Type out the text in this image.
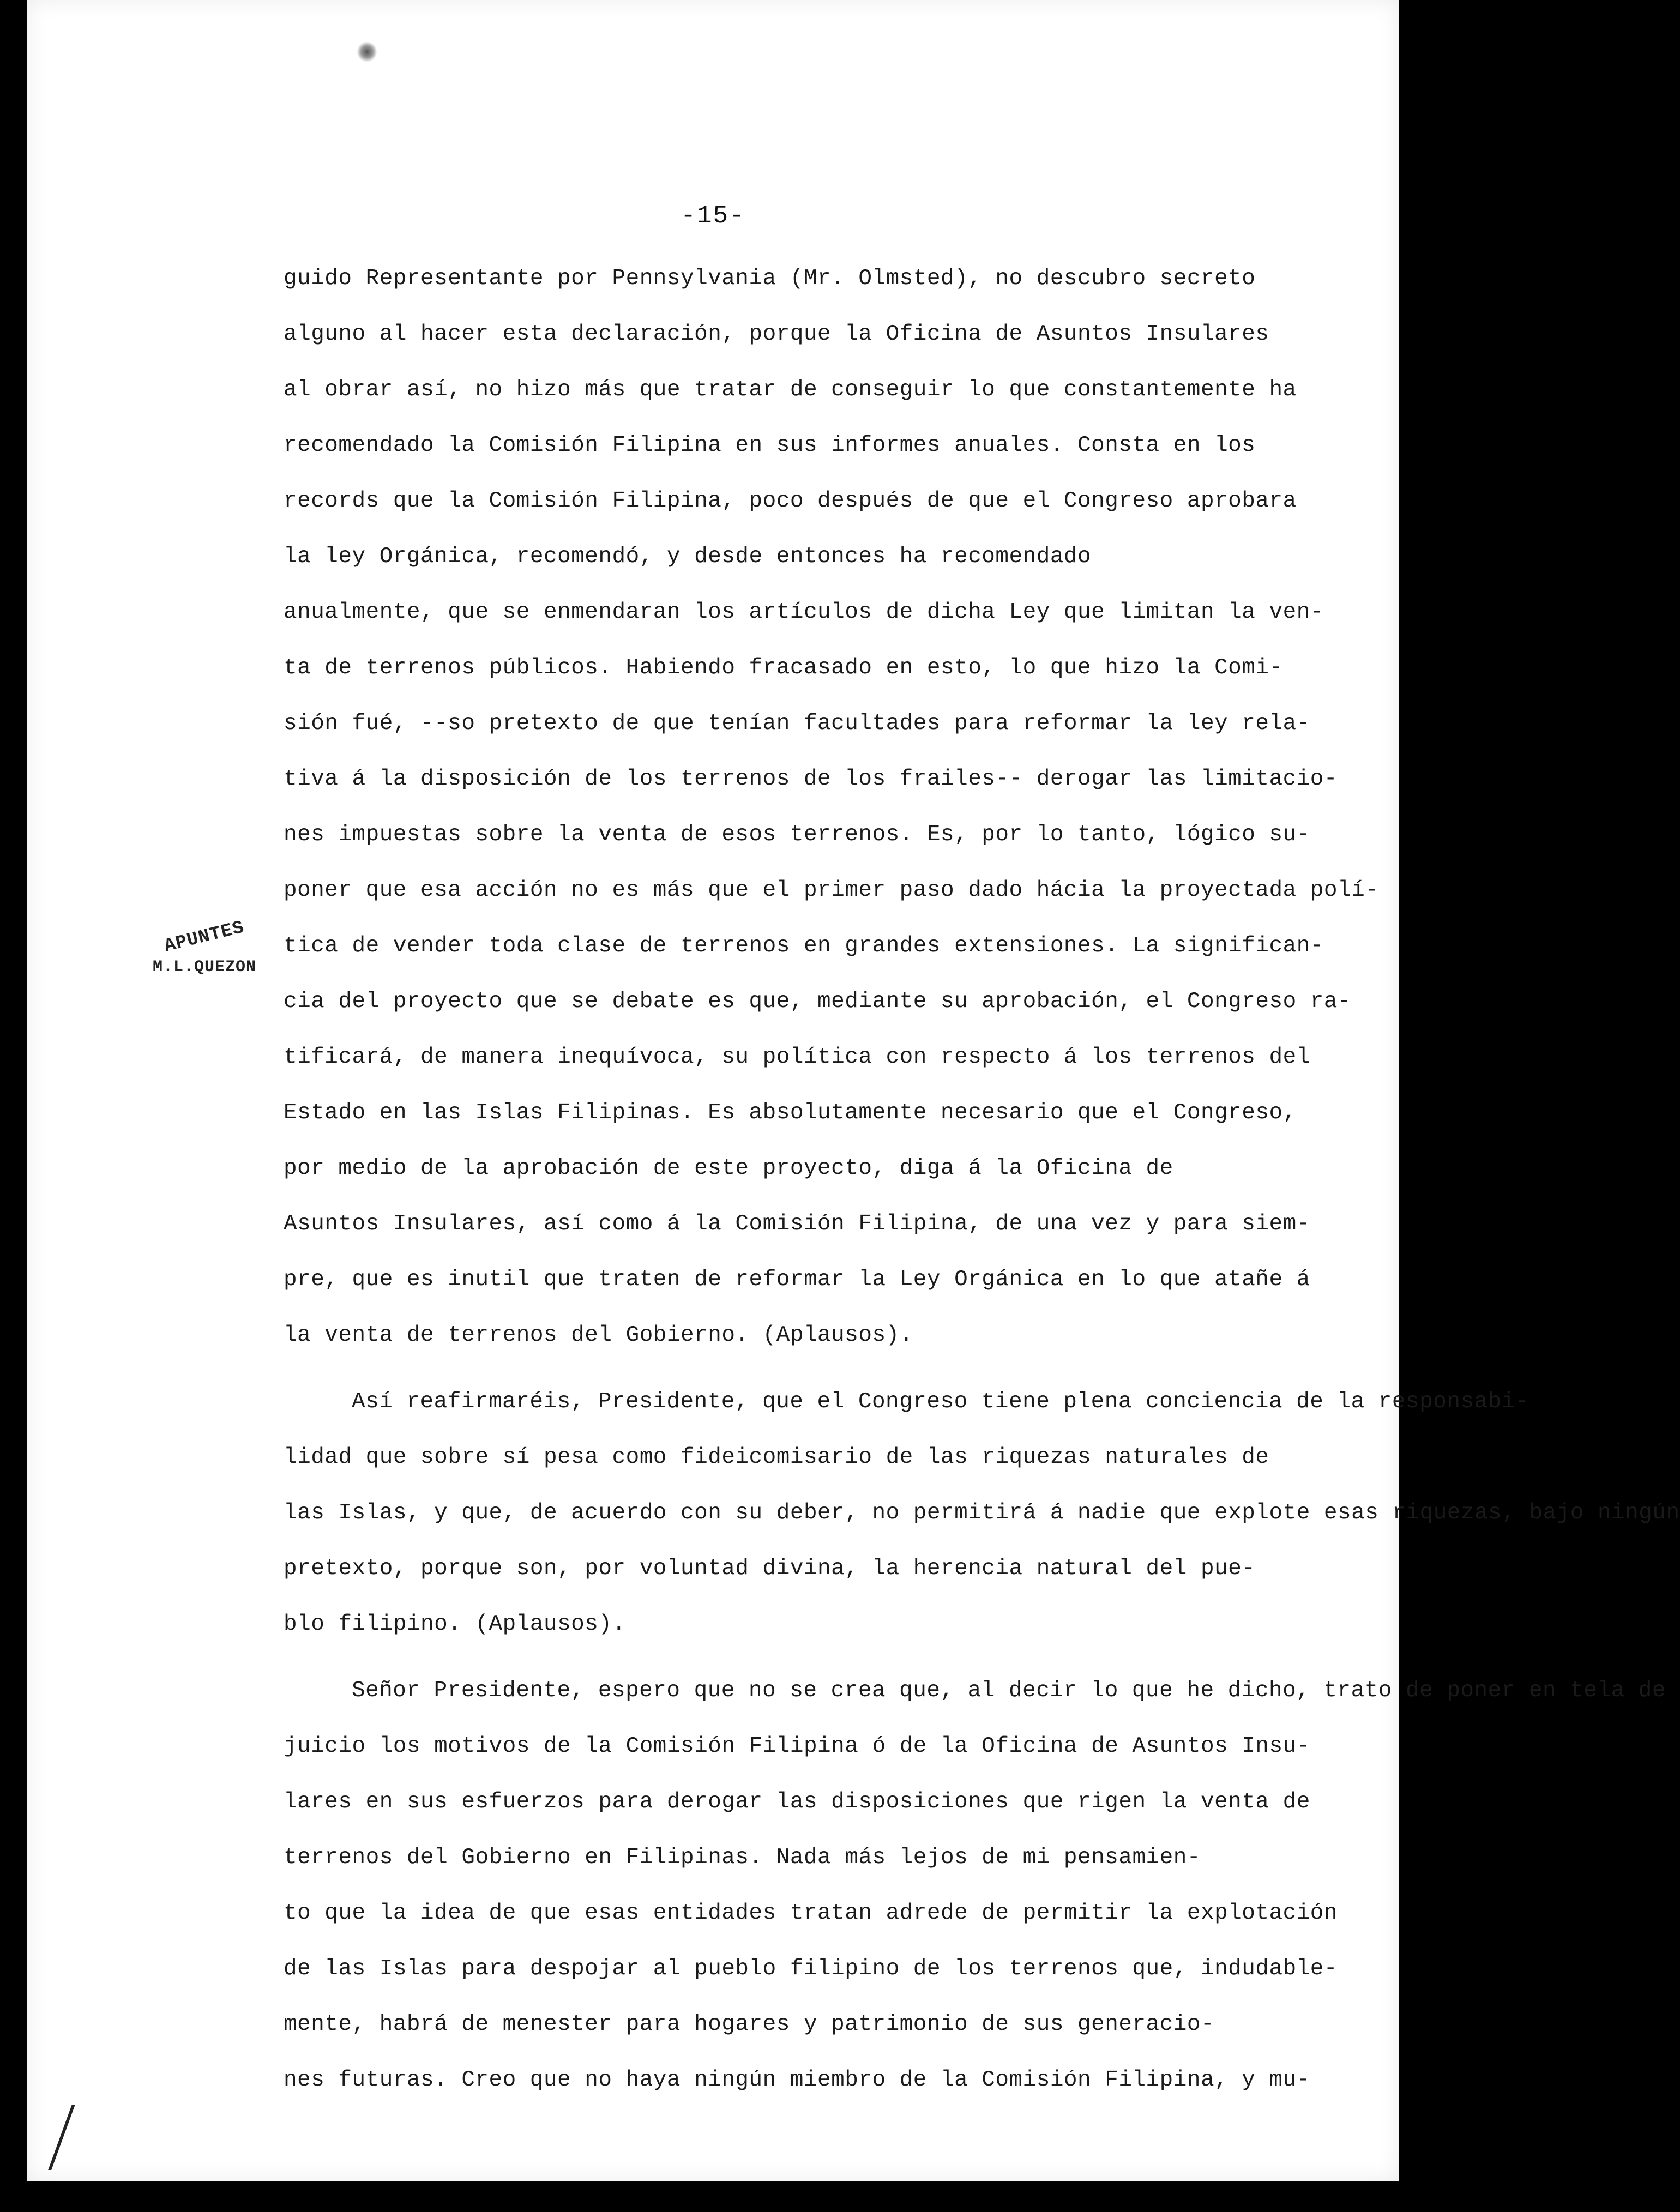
-15-
APUNTES
M.L.QUEZON
guido Representante por Pennsylvania (Mr. Olmsted), no descubro secreto
alguno al hacer esta declaración, porque la Oficina de Asuntos Insulares
al obrar así, no hizo más que tratar de conseguir lo que constantemente ha
recomendado la Comisión Filipina en sus informes anuales. Consta en los
records que la Comisión Filipina, poco después de que el Congreso aprobara
la ley Orgánica, recomendó, y desde entonces ha recomendado
anualmente, que se enmendaran los artículos de dicha Ley que limitan la ven-
ta de terrenos públicos. Habiendo fracasado en esto, lo que hizo la Comi-
sión fué, --so pretexto de que tenían facultades para reformar la ley rela-
tiva á la disposición de los terrenos de los frailes-- derogar las limitacio-
nes impuestas sobre la venta de esos terrenos. Es, por lo tanto, lógico su-
poner que esa acción no es más que el primer paso dado hácia la proyectada polí-
tica de vender toda clase de terrenos en grandes extensiones. La significan-
cia del proyecto que se debate es que, mediante su aprobación, el Congreso ra-
tificará, de manera inequívoca, su política con respecto á los terrenos del
Estado en las Islas Filipinas. Es absolutamente necesario que el Congreso,
por medio de la aprobación de este proyecto, diga á la Oficina de
Asuntos Insulares, así como á la Comisión Filipina, de una vez y para siem-
pre, que es inutil que traten de reformar la Ley Orgánica en lo que atañe á
la venta de terrenos del Gobierno. (Aplausos).
Así reafirmaréis, Presidente, que el Congreso tiene plena conciencia de la responsabi-
lidad que sobre sí pesa como fideicomisario de las riquezas naturales de
las Islas, y que, de acuerdo con su deber, no permitirá á nadie que explote esas riquezas, bajo ningún
pretexto, porque son, por voluntad divina, la herencia natural del pue-
blo filipino. (Aplausos).
Señor Presidente, espero que no se crea que, al decir lo que he dicho, trato de poner en tela de
juicio los motivos de la Comisión Filipina ó de la Oficina de Asuntos Insu-
lares en sus esfuerzos para derogar las disposiciones que rigen la venta de
terrenos del Gobierno en Filipinas. Nada más lejos de mi pensamien-
to que la idea de que esas entidades tratan adrede de permitir la explotación
de las Islas para despojar al pueblo filipino de los terrenos que, indudable-
mente, habrá de menester para hogares y patrimonio de sus generacio-
nes futuras. Creo que no haya ningún miembro de la Comisión Filipina, y mu-
